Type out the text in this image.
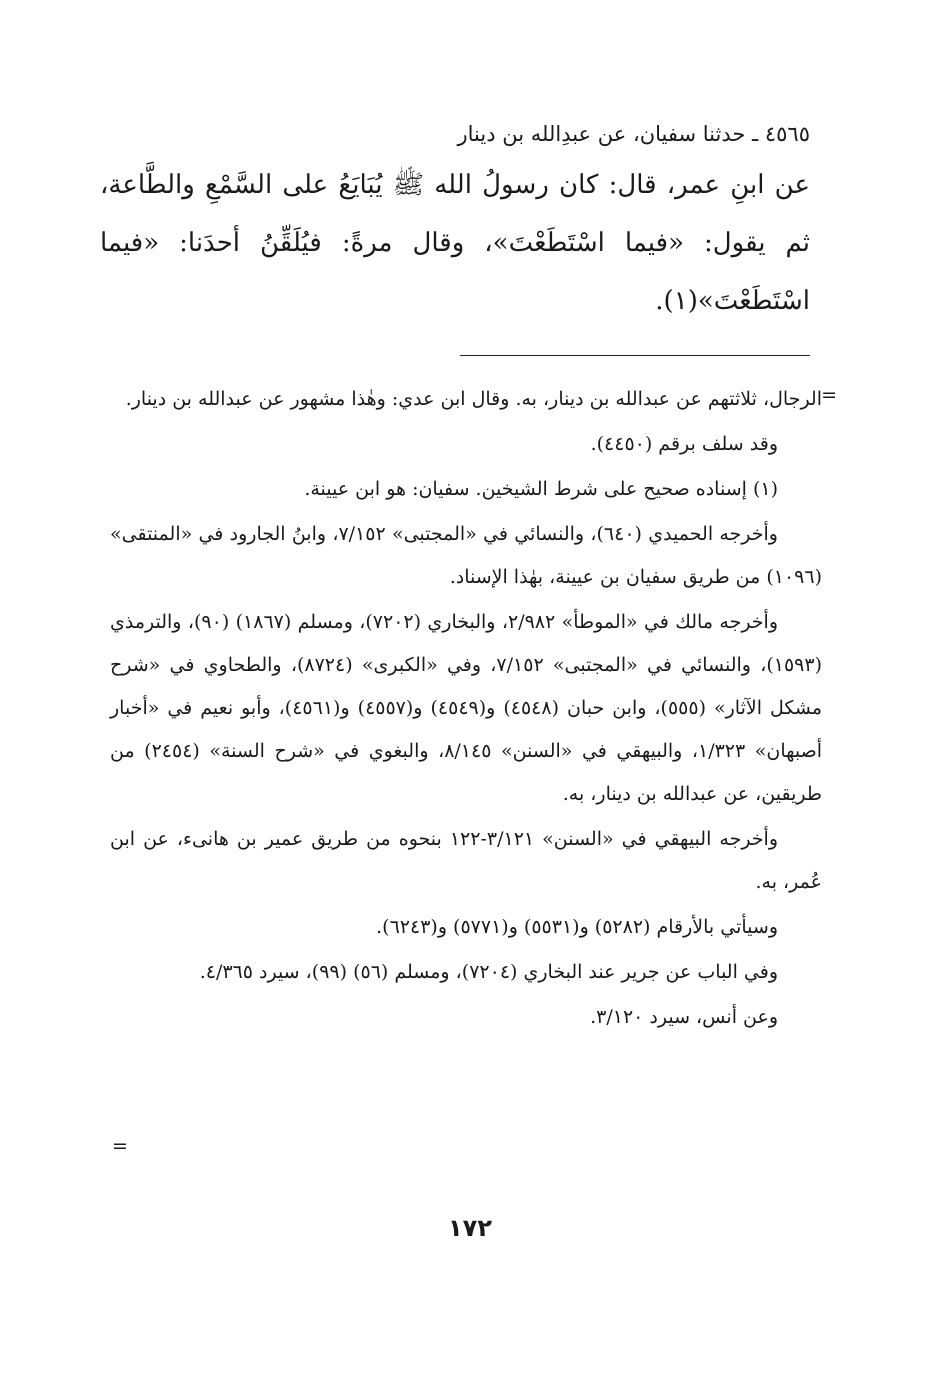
٤٥٦٥ ـ حدثنا سفيان، عن عبدِالله بن دينار

عن ابنِ عمر، قال: كان رسولُ الله ﷺ يُبَايَعُ على السَّمْعِ والطَّاعة، ثم يقول: «فيما اسْتَطَعْتَ»، وقال مرةً: فيُلَقِّنُ أحدَنا: «فيما اسْتَطَعْتَ»(١).

=

الرجال، ثلاثتهم عن عبدالله بن دينار، به. وقال ابن عدي: وهٰذا مشهور عن عبدالله بن دينار.

وقد سلف برقم (٤٤٥٠).

(١) إسناده صحيح على شرط الشيخين. سفيان: هو ابن عيينة.

وأخرجه الحميدي (٦٤٠)، والنسائي في «المجتبى» ٧/١٥٢، وابنُ الجارود في «المنتقى» (١٠٩٦) من طريق سفيان بن عيينة، بهٰذا الإسناد.

وأخرجه مالك في «الموطأ» ٢/٩٨٢، والبخاري (٧٢٠٢)، ومسلم (١٨٦٧) (٩٠)، والترمذي (١٥٩٣)، والنسائي في «المجتبى» ٧/١٥٢، وفي «الكبرى» (٨٧٢٤)، والطحاوي في «شرح مشكل الآثار» (٥٥٥)، وابن حبان (٤٥٤٨) و(٤٥٤٩) و(٤٥٥٧) و(٤٥٦١)، وأبو نعيم في «أخبار أصبهان» ١/٣٢٣، والبيهقي في «السنن» ٨/١٤٥، والبغوي في «شرح السنة» (٢٤٥٤) من طريقين، عن عبدالله بن دينار، به.

وأخرجه البيهقي في «السنن» ٣/١٢١-١٢٢ بنحوه من طريق عمير بن هانىء، عن ابن عُمر، به.

وسيأتي بالأرقام (٥٢٨٢) و(٥٥٣١) و(٥٧٧١) و(٦٢٤٣).

وفي الباب عن جرير عند البخاري (٧٢٠٤)، ومسلم (٥٦) (٩٩)، سيرد ٤/٣٦٥.

وعن أنس، سيرد ٣/١٢٠.

=
١٧٢
